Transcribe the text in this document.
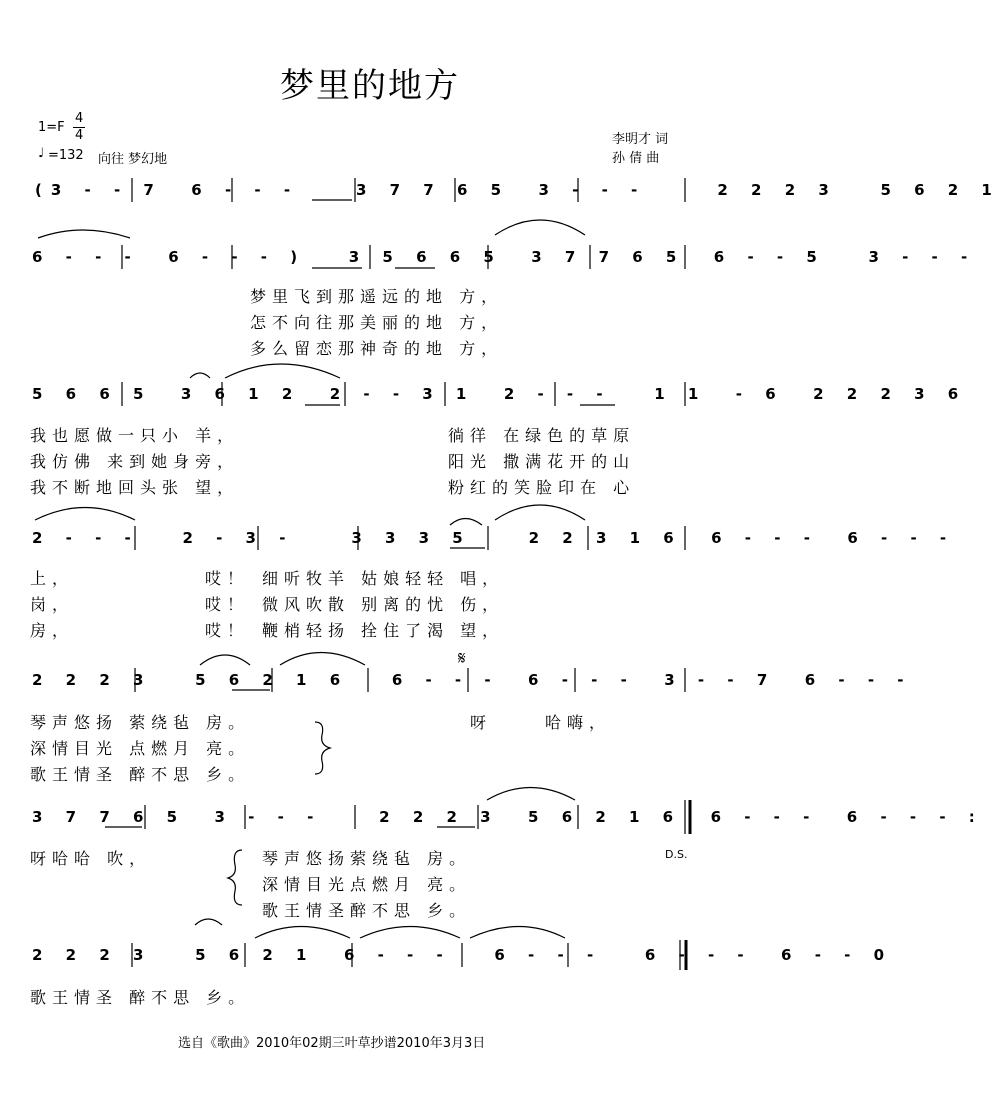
梦里的地方
1=F
4
4
♩ =132 向往 梦幻地
李明才 词
孙 倩 曲
(3 - - 7  6 - - -    3 7 7 6 5  3 - - -     2 2 2 3   5 6 2 1
6 - - -  6 - - - )   3 5 6 6 5  3 7 7 6 5  6 - - 5   3 - - -
5 6 6 5  3 6 1 2  2 - - 3 1  2 - - -   1 1  - 6  2 2 2 3 6
2 - - -   2 - 3 -    3 3 3 5    2 2 3 1 6  6 - - -  6 - - -
2 2 2 3   5 6 2 1 6   6 - - -  6 - - -  3 - - 7  6 - - -
3 7 7 6 5  3 - - -    2 2 2 3  5 6 2 1 6  6 - - -  6 - - - :
2 2 2 3   5 6 2 1  6 - - -   6 - - -   6 - - -  6 - - 0
𝄋
梦里飞到那遥远的地 方，
怎不向往那美丽的地 方，
多么留恋那神奇的地 方，
我也愿做一只小 羊，
我仿佛 来到她身旁，
我不断地回头张 望，
徜徉 在绿色的草原
阳光 撒满花开的山
粉红的笑脸印在 心
上，
岗，
房，
哎！
哎！
哎！
细听牧羊 姑娘轻轻 唱，
微风吹散 别离的忧 伤，
鞭梢轻扬 拴住了渴 望，
琴声悠扬 萦绕毡 房。
深情目光 点燃月 亮。
歌王情圣 醉不思 乡。
呀	哈嗨，
呀哈哈 吹，	琴声悠扬萦绕毡 房。
深情目光点燃月 亮。
歌王情圣醉不思 乡。
D.S.
歌王情圣 醉不思 乡。
选自《歌曲》2010年02期三叶草抄谱2010年3月3日
